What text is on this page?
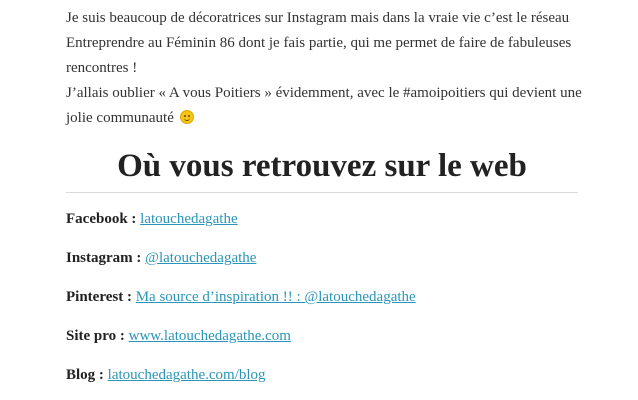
Je suis beaucoup de décoratrices sur Instagram mais dans la vraie vie c’est le réseau Entreprendre au Féminin 86 dont je fais partie, qui me permet de faire de fabuleuses rencontres !

J’allais oublier « A vous Poitiers » évidemment, avec le #amoipoitiers qui devient une jolie communauté

Où vous retrouvez sur le web
Facebook : latouchedagathe
Instagram : @latouchedagathe
Pinterest : Ma source d’inspiration !! : @latouchedagathe
Site pro : www.latouchedagathe.com
Blog : latouchedagathe.com/blog
